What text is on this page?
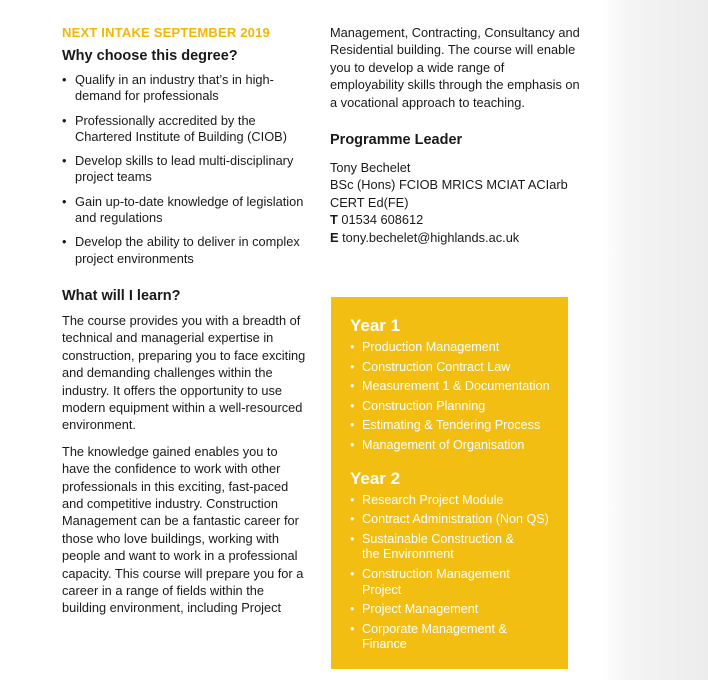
NEXT INTAKE SEPTEMBER 2019
Why choose this degree?
• Qualify in an industry that’s in high-demand for professionals
• Professionally accredited by the Chartered Institute of Building (CIOB)
• Develop skills to lead multi-disciplinary project teams
• Gain up-to-date knowledge of legislation and regulations
• Develop the ability to deliver in complex project environments
What will I learn?

The course provides you with a breadth of technical and managerial expertise in construction, preparing you to face exciting and demanding challenges within the industry. It offers the opportunity to use modern equipment within a well-resourced environment.

The knowledge gained enables you to have the confidence to work with other professionals in this exciting, fast-paced and competitive industry. Construction Management can be a fantastic career for those who love buildings, working with people and want to work in a professional capacity. This course will prepare you for a career in a range of fields within the building environment, including Project

Management, Contracting, Consultancy and Residential building. The course will enable you to develop a wide range of employability skills through the emphasis on a vocational approach to teaching.

Programme Leader
Tony Bechelet
BSc (Hons) FCIOB MRICS MCIAT ACIarb CERT Ed(FE)
T 01534 608612
E tony.bechelet@highlands.ac.uk
Year 1
• Production Management
• Construction Contract Law
• Measurement 1 & Documentation
• Construction Planning
• Estimating & Tendering Process
• Management of Organisation
Year 2
• Research Project Module
• Contract Administration (Non QS)
• Sustainable Construction & the Environment
• Construction Management Project
• Project Management
• Corporate Management & Finance
